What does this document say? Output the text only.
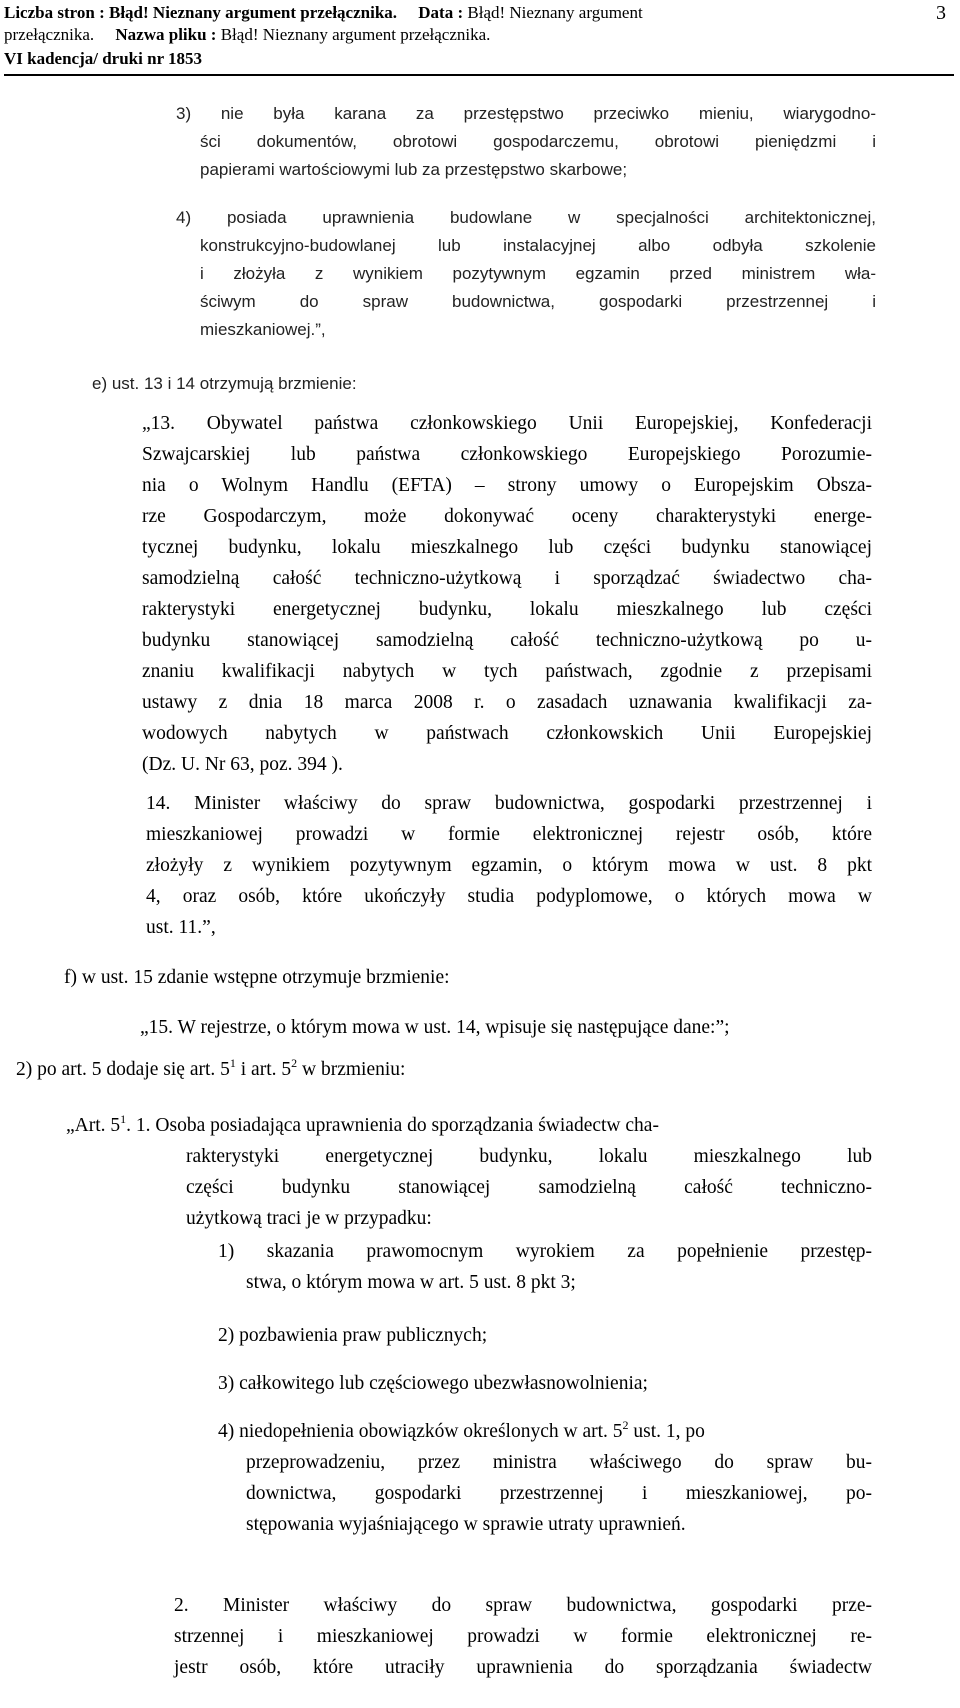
Liczba stron : Błąd! Nieznany argument przełącznika. Data : Błąd! Nieznany argument
przełącznika. Nazwa pliku : Błąd! Nieznany argument przełącznika.
VI kadencja/ druki nr 1853
3
3) nie była karana za przestępstwo przeciwko mieniu, wiarygodno-
ści dokumentów, obrotowi gospodarczemu, obrotowi pieniędzmi i
papierami wartościowymi lub za przestępstwo skarbowe;
4) posiada uprawnienia budowlane w specjalności architektonicznej,
konstrukcyjno-budowlanej lub instalacyjnej albo odbyła szkolenie
i złożyła z wynikiem pozytywnym egzamin przed ministrem wła-
ściwym do spraw budownictwa, gospodarki przestrzennej i
mieszkaniowej.”,
e) ust. 13 i 14 otrzymują brzmienie:
„13. Obywatel państwa członkowskiego Unii Europejskiej, Konfederacji
Szwajcarskiej lub państwa członkowskiego Europejskiego Porozumie-
nia o Wolnym Handlu (EFTA) – strony umowy o Europejskim Obsza-
rze Gospodarczym, może dokonywać oceny charakterystyki energe-
tycznej budynku, lokalu mieszkalnego lub części budynku stanowiącej
samodzielną całość techniczno-użytkową i sporządzać świadectwo cha-
rakterystyki energetycznej budynku, lokalu mieszkalnego lub części
budynku stanowiącej samodzielną całość techniczno-użytkową po u-
znaniu kwalifikacji nabytych w tych państwach, zgodnie z przepisami
ustawy z dnia 18 marca 2008 r. o zasadach uznawania kwalifikacji za-
wodowych nabytych w państwach członkowskich Unii Europejskiej
(Dz. U. Nr 63, poz. 394 ).
14. Minister właściwy do spraw budownictwa, gospodarki przestrzennej i
mieszkaniowej prowadzi w formie elektronicznej rejestr osób, które
złożyły z wynikiem pozytywnym egzamin, o którym mowa w ust. 8 pkt
4, oraz osób, które ukończyły studia podyplomowe, o których mowa w
ust. 11.”,
f) w ust. 15 zdanie wstępne otrzymuje brzmienie:
„15. W rejestrze, o którym mowa w ust. 14, wpisuje się następujące dane:”;
2) po art. 5 dodaje się art. $5^1$ i art. $5^2$ w brzmieniu:
„Art. $5^1$. 1. Osoba posiadająca uprawnienia do sporządzania świadectw cha-
rakterystyki energetycznej budynku, lokalu mieszkalnego lub
części budynku stanowiącej samodzielną całość techniczno-
użytkową traci je w przypadku:
1) skazania prawomocnym wyrokiem za popełnienie przestęp-
stwa, o którym mowa w art. 5 ust. 8 pkt 3;
2) pozbawienia praw publicznych;
3) całkowitego lub częściowego ubezwłasnowolnienia;
4) niedopełnienia obowiązków określonych w art. $5^2$ ust. 1, po
przeprowadzeniu, przez ministra właściwego do spraw bu-
downictwa, gospodarki przestrzennej i mieszkaniowej, po-
stępowania wyjaśniającego w sprawie utraty uprawnień.
2. Minister właściwy do spraw budownictwa, gospodarki prze-
strzennej i mieszkaniowej prowadzi w formie elektronicznej re-
jestr osób, które utraciły uprawnienia do sporządzania świadectw
